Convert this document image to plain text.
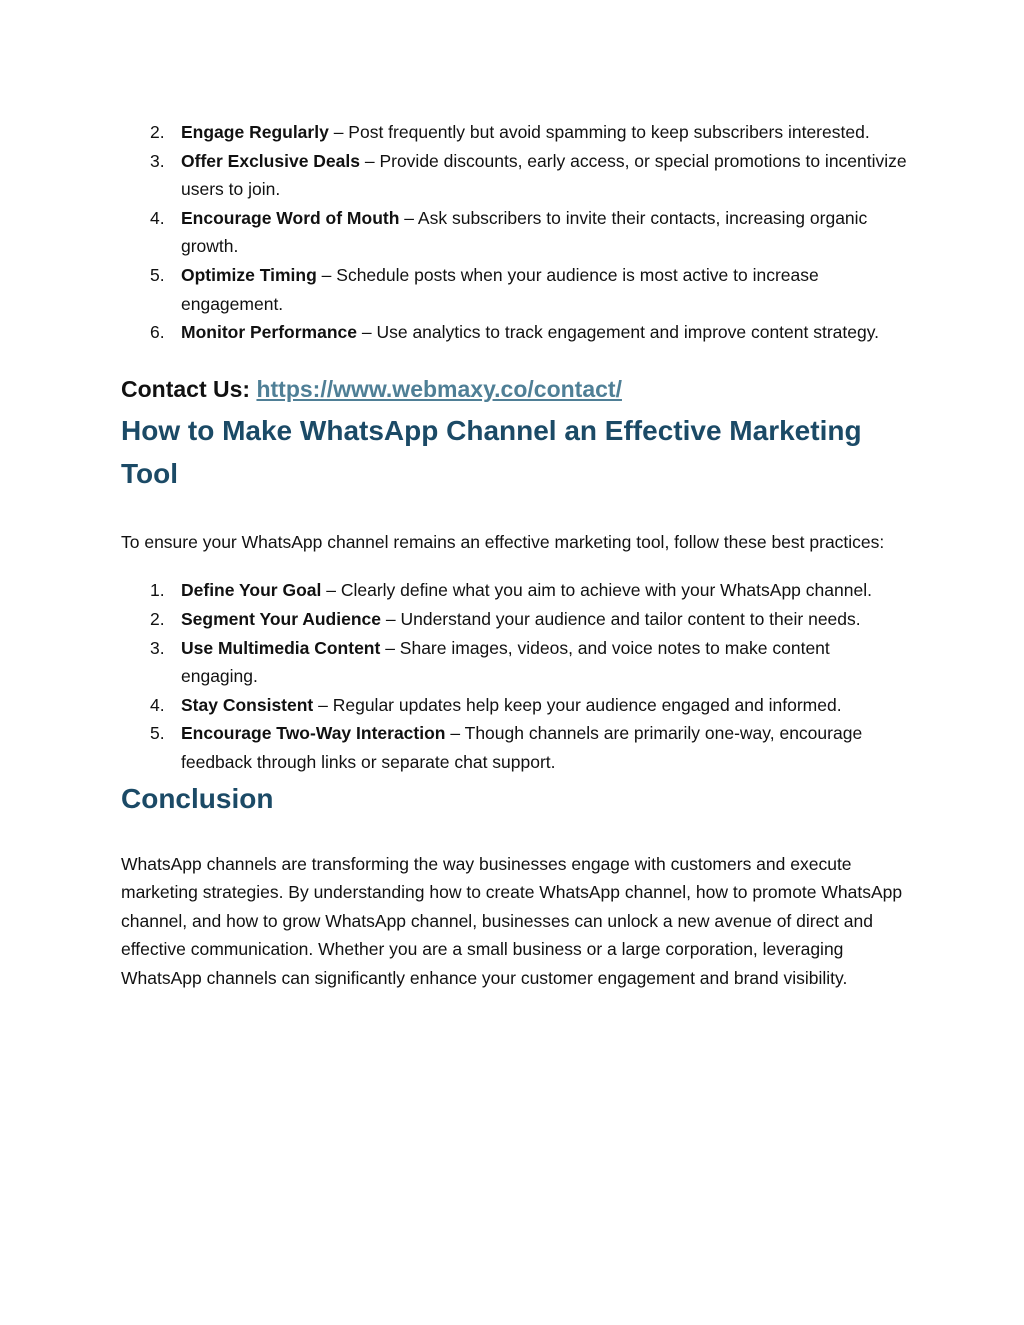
2. Engage Regularly – Post frequently but avoid spamming to keep subscribers interested.
3. Offer Exclusive Deals – Provide discounts, early access, or special promotions to incentivize users to join.
4. Encourage Word of Mouth – Ask subscribers to invite their contacts, increasing organic growth.
5. Optimize Timing – Schedule posts when your audience is most active to increase engagement.
6. Monitor Performance – Use analytics to track engagement and improve content strategy.
Contact Us: https://www.webmaxy.co/contact/
How to Make WhatsApp Channel an Effective Marketing Tool

To ensure your WhatsApp channel remains an effective marketing tool, follow these best practices:

1. Define Your Goal – Clearly define what you aim to achieve with your WhatsApp channel.
2. Segment Your Audience – Understand your audience and tailor content to their needs.
3. Use Multimedia Content – Share images, videos, and voice notes to make content engaging.
4. Stay Consistent – Regular updates help keep your audience engaged and informed.
5. Encourage Two-Way Interaction – Though channels are primarily one-way, encourage feedback through links or separate chat support.
Conclusion

WhatsApp channels are transforming the way businesses engage with customers and execute marketing strategies. By understanding how to create WhatsApp channel, how to promote WhatsApp channel, and how to grow WhatsApp channel, businesses can unlock a new avenue of direct and effective communication. Whether you are a small business or a large corporation, leveraging WhatsApp channels can significantly enhance your customer engagement and brand visibility.
